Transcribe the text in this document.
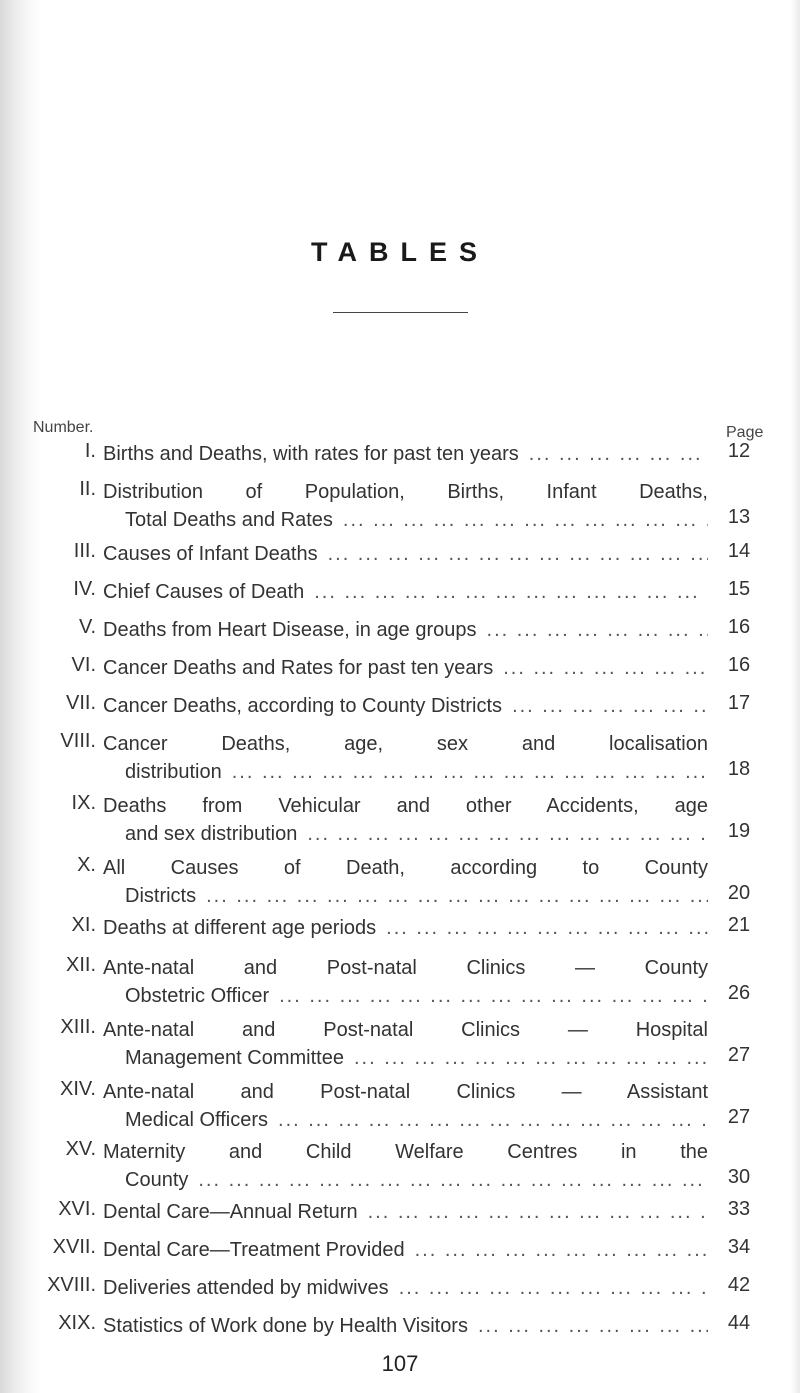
TABLES
Number.	Page
I. Births and Deaths, with rates for past ten years ... .	12
II. Distribution of Population, Births, Infant Deaths,
Total Deaths and Rates ... .	13
III. Causes of Infant Deaths ... .	14
IV. Chief Causes of Death ... .	15
V. Deaths from Heart Disease, in age groups ... .	16
VI. Cancer Deaths and Rates for past ten years ... .	16
VII. Cancer Deaths, according to County Districts ... .	17
VIII. Cancer Deaths, age, sex and localisation
distribution ... .	18
IX. Deaths from Vehicular and other Accidents, age
and sex distribution ... .	19
X. All Causes of Death, according to County
Districts ... .	20
XI. Deaths at different age periods ... .	21
XII. Ante-natal and Post-natal Clinics — County
Obstetric Officer ... .	26
XIII. Ante-natal and Post-natal Clinics — Hospital
Management Committee ... .	27
XIV. Ante-natal and Post-natal Clinics — Assistant
Medical Officers ... .	27
XV. Maternity and Child Welfare Centres in the
County ... .	30
XVI. Dental Care—Annual Return ... .	33
XVII. Dental Care—Treatment Provided ... .	34
XVIII. Deliveries attended by midwives ... .	42
XIX. Statistics of Work done by Health Visitors ... .	44
107
